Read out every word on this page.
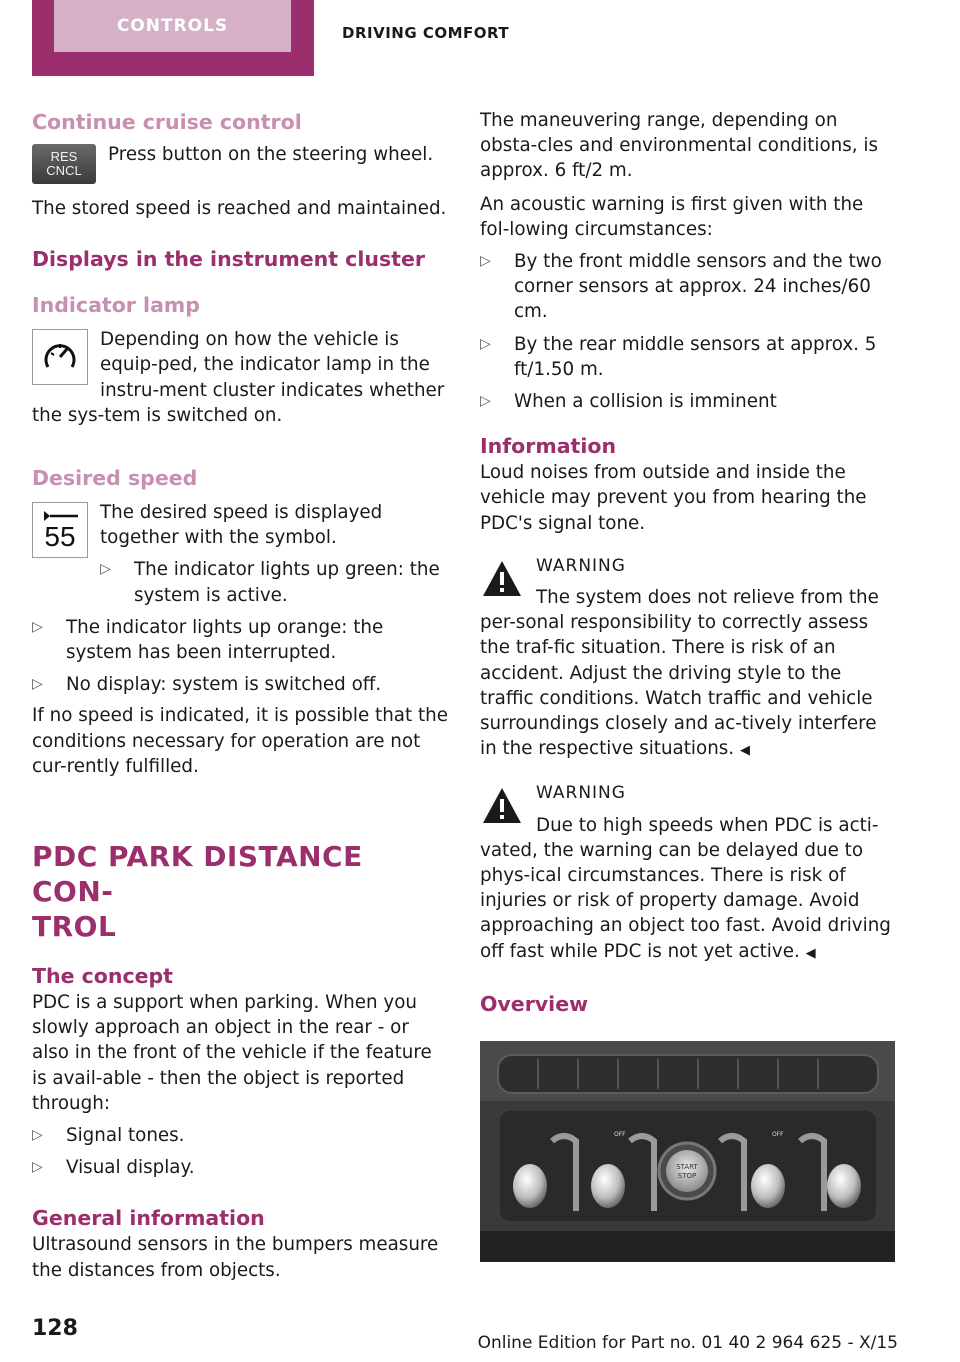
CONTROLS	DRIVING COMFORT
Continue cruise control
RES
CNCL

Press button on the steering wheel.

The stored speed is reached and maintained.

Displays in the instrument cluster
Indicator lamp

Depending on how the vehicle is equip-ped, the indicator lamp in the instru-ment cluster indicates whether the sys-tem is switched on.

Desired speed
55

The desired speed is displayed together with the symbol.

▷ The indicator lights up green: the system is active.
▷ The indicator lights up orange: the system has been interrupted.
▷ No display: system is switched off.

If no speed is indicated, it is possible that the conditions necessary for operation are not cur-rently fulfilled.

PDC PARK DISTANCE CON-
TROL
The concept

PDC is a support when parking. When you slowly approach an object in the rear - or also in the front of the vehicle if the feature is avail-able - then the object is reported through:

▷ Signal tones.
▷ Visual display.
General information

Ultrasound sensors in the bumpers measure the distances from objects.

The maneuvering range, depending on obsta-cles and environmental conditions, is approx. 6 ft/2 m.

An acoustic warning is first given with the fol-lowing circumstances:

▷ By the front middle sensors and the two corner sensors at approx. 24 inches/60 cm.
▷ By the rear middle sensors at approx. 5 ft/1.50 m.
▷ When a collision is imminent
Information

Loud noises from outside and inside the vehicle may prevent you from hearing the PDC's signal tone.

WARNING

The system does not relieve from the per-sonal responsibility to correctly assess the traf-fic situation. There is risk of an accident. Adjust the driving style to the traffic conditions. Watch traffic and vehicle surroundings closely and ac-tively interfere in the respective situations. ◀

WARNING

Due to high speeds when PDC is acti-vated, the warning can be delayed due to phys-ical circumstances. There is risk of injuries or risk of property damage. Avoid approaching an object too fast. Avoid driving off fast while PDC is not yet active. ◀

Overview
START
STOP
OFF	OFF
128
Online Edition for Part no. 01 40 2 964 625 - X/15
